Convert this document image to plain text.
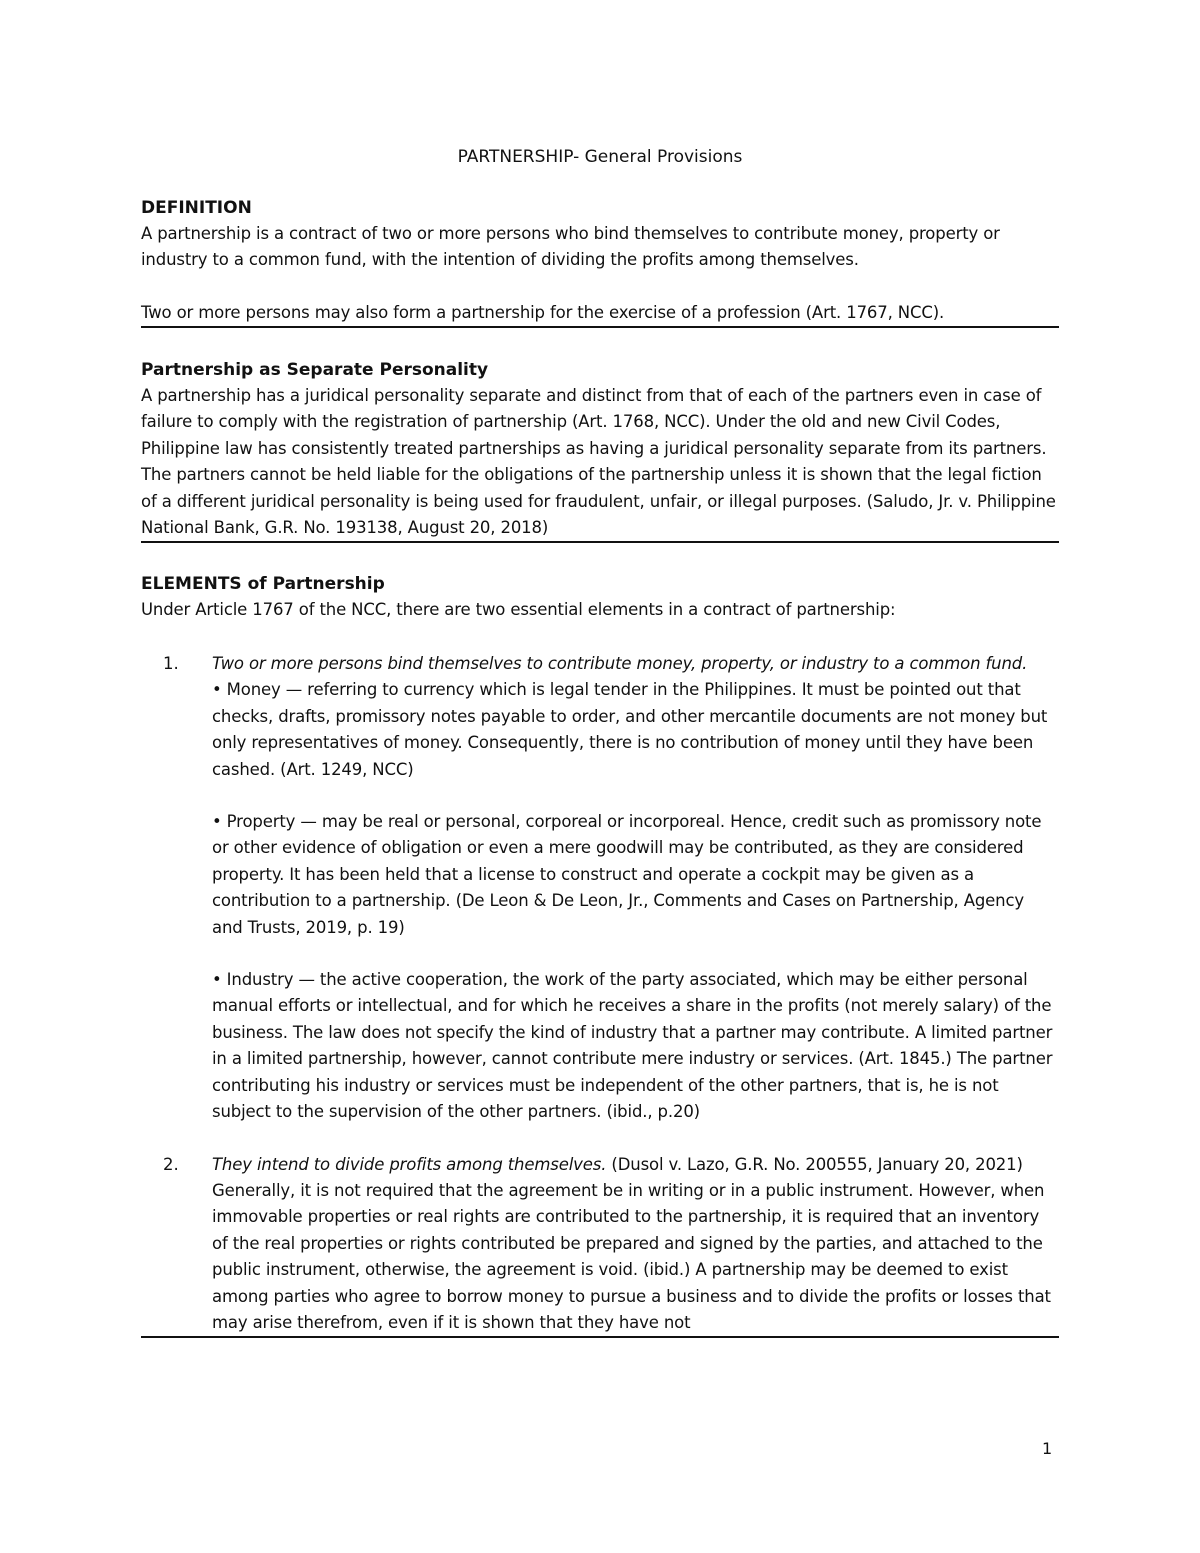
PARTNERSHIP- General Provisions

DEFINITION

A partnership is a contract of two or more persons who bind themselves to contribute money, property or industry to a common fund, with the intention of dividing the profits among themselves.

Two or more persons may also form a partnership for the exercise of a profession (Art. 1767, NCC).

Partnership as Separate Personality

A partnership has a juridical personality separate and distinct from that of each of the partners even in case of failure to comply with the registration of partnership (Art. 1768, NCC). Under the old and new Civil Codes, Philippine law has consistently treated partnerships as having a juridical personality separate from its partners. The partners cannot be held liable for the obligations of the partnership unless it is shown that the legal fiction of a different juridical personality is being used for fraudulent, unfair, or illegal purposes. (Saludo, Jr. v. Philippine National Bank, G.R. No. 193138, August 20, 2018)

ELEMENTS of Partnership

Under Article 1767 of the NCC, there are two essential elements in a contract of partnership:

1. Two or more persons bind themselves to contribute money, property, or industry to a common fund.

• Money — referring to currency which is legal tender in the Philippines. It must be pointed out that checks, drafts, promissory notes payable to order, and other mercantile documents are not money but only representatives of money. Consequently, there is no contribution of money until they have been cashed. (Art. 1249, NCC)

• Property — may be real or personal, corporeal or incorporeal. Hence, credit such as promissory note or other evidence of obligation or even a mere goodwill may be contributed, as they are considered property. It has been held that a license to construct and operate a cockpit may be given as a contribution to a partnership. (De Leon & De Leon, Jr., Comments and Cases on Partnership, Agency and Trusts, 2019, p. 19)

• Industry — the active cooperation, the work of the party associated, which may be either personal manual efforts or intellectual, and for which he receives a share in the profits (not merely salary) of the business. The law does not specify the kind of industry that a partner may contribute. A limited partner in a limited partnership, however, cannot contribute mere industry or services. (Art. 1845.) The partner contributing his industry or services must be independent of the other partners, that is, he is not subject to the supervision of the other partners. (ibid., p.20)

2. They intend to divide profits among themselves. (Dusol v. Lazo, G.R. No. 200555, January 20, 2021)

Generally, it is not required that the agreement be in writing or in a public instrument. However, when immovable properties or real rights are contributed to the partnership, it is required that an inventory of the real properties or rights contributed be prepared and signed by the parties, and attached to the public instrument, otherwise, the agreement is void. (ibid.) A partnership may be deemed to exist among parties who agree to borrow money to pursue a business and to divide the profits or losses that may arise therefrom, even if it is shown that they have not

1
